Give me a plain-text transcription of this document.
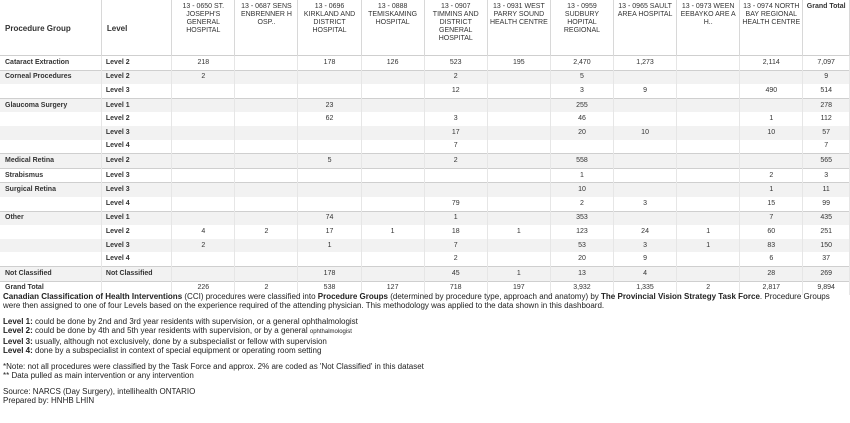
Procedure Group	Level	13 - 0650 ST. JOSEPH'S GENERAL HOSPITAL	13 - 0687 SENS ENBRENNER H OSP..	13 - 0696 KIRKLAND AND DISTRICT HOSPITAL	13 - 0888 TEMISKAMING HOSPITAL	13 - 0907 TIMMINS AND DISTRICT GENERAL HOSPITAL	13 - 0931 WEST PARRY SOUND HEALTH CENTRE	13 - 0959 SUDBURY HOPITAL REGIONAL	13 - 0965 SAULT AREA HOSPITAL	13 - 0973 WEEN EEBAYKO ARE A H..	13 - 0974 NORTH BAY REGIONAL HEALTH CENTRE	Grand Total
Cataract Extraction	Level 2	218		178	126	523	195	2,470	1,273		2,114	7,097
Corneal Procedures	Level 2	2				2		5				9
	Level 3					12		3	9		490	514
Glaucoma Surgery	Level 1			23				255				278
	Level 2			62		3		46			1	112
	Level 3					17		20	10		10	57
	Level 4					7						7
Medical Retina	Level 2			5		2		558				565
Strabismus	Level 3							1			2	3
Surgical Retina	Level 3							10			1	11
	Level 4					79		2	3		15	99
Other	Level 1			74		1		353			7	435
	Level 2	4	2	17	1	18	1	123	24	1	60	251
	Level 3	2		1		7		53	3	1	83	150
	Level 4					2		20	9		6	37
Not Classified	Not Classified			178		45	1	13	4		28	269
Grand Total		226	2	538	127	718	197	3,932	1,335	2	2,817	9,894

Canadian Classification of Health Interventions (CCI) procedures were classified into Procedure Groups (determined by procedure type, approach and anatomy) by The Provincial Vision Strategy Task Force. Procedure Groups were then assigned to one of four Levels based on the experience required of the attending physician. This methodology was applied to the data shown in this dashboard.

Level 1: could be done by 2nd and 3rd year residents with supervision, or a general ophthalmologist

Level 2: could be done by 4th and 5th year residents with supervision, or by a general ophthalmologist

Level 3: usually, although not exclusively, done by a subspecialist or fellow with supervision

Level 4: done by a subspecialist in context of special equipment or operating room setting

*Note: not all procedures were classified by the Task Force and approx. 2% are coded as 'Not Classified' in this dataset

** Data pulled as main intervention or any intervention

Source: NARCS (Day Surgery), intellihealth ONTARIO

Prepared by: HNHB LHIN
